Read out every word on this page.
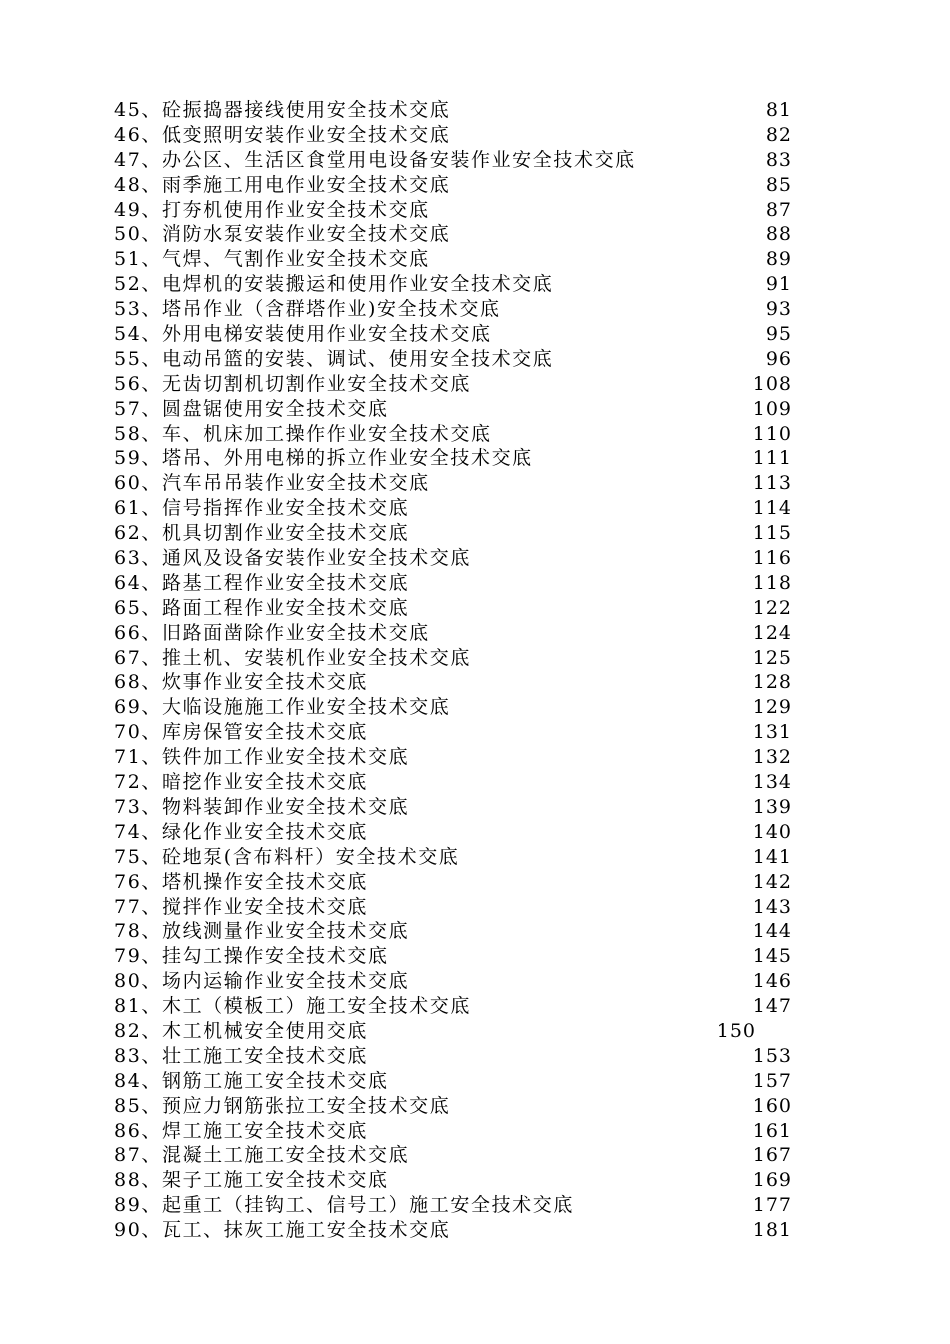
45、砼振捣器接线使用安全技术交底	81
46、低变照明安装作业安全技术交底	82
47、办公区、生活区食堂用电设备安装作业安全技术交底	83
48、雨季施工用电作业安全技术交底	85
49、打夯机使用作业安全技术交底	87
50、消防水泵安装作业安全技术交底	88
51、气焊、气割作业安全技术交底	89
52、电焊机的安装搬运和使用作业安全技术交底	91
53、塔吊作业（含群塔作业)安全技术交底	93
54、外用电梯安装使用作业安全技术交底	95
55、电动吊篮的安装、调试、使用安全技术交底	96
56、无齿切割机切割作业安全技术交底	108
57、圆盘锯使用安全技术交底	109
58、车、机床加工操作作业安全技术交底	110
59、塔吊、外用电梯的拆立作业安全技术交底	111
60、汽车吊吊装作业安全技术交底	113
61、信号指挥作业安全技术交底	114
62、机具切割作业安全技术交底	115
63、通风及设备安装作业安全技术交底	116
64、路基工程作业安全技术交底	118
65、路面工程作业安全技术交底	122
66、旧路面凿除作业安全技术交底	124
67、推土机、安装机作业安全技术交底	125
68、炊事作业安全技术交底	128
69、大临设施施工作业安全技术交底	129
70、库房保管安全技术交底	131
71、铁件加工作业安全技术交底	132
72、暗挖作业安全技术交底	134
73、物料装卸作业安全技术交底	139
74、绿化作业安全技术交底	140
75、砼地泵(含布料杆）安全技术交底	141
76、塔机操作安全技术交底	142
77、搅拌作业安全技术交底	143
78、放线测量作业安全技术交底	144
79、挂勾工操作安全技术交底	145
80、场内运输作业安全技术交底	146
81、木工（模板工）施工安全技术交底	147
82、木工机械安全使用交底	150
83、壮工施工安全技术交底	153
84、钢筋工施工安全技术交底	157
85、预应力钢筋张拉工安全技术交底	160
86、焊工施工安全技术交底	161
87、混凝土工施工安全技术交底	167
88、架子工施工安全技术交底	169
89、起重工（挂钩工、信号工）施工安全技术交底	177
90、瓦工、抹灰工施工安全技术交底	181
